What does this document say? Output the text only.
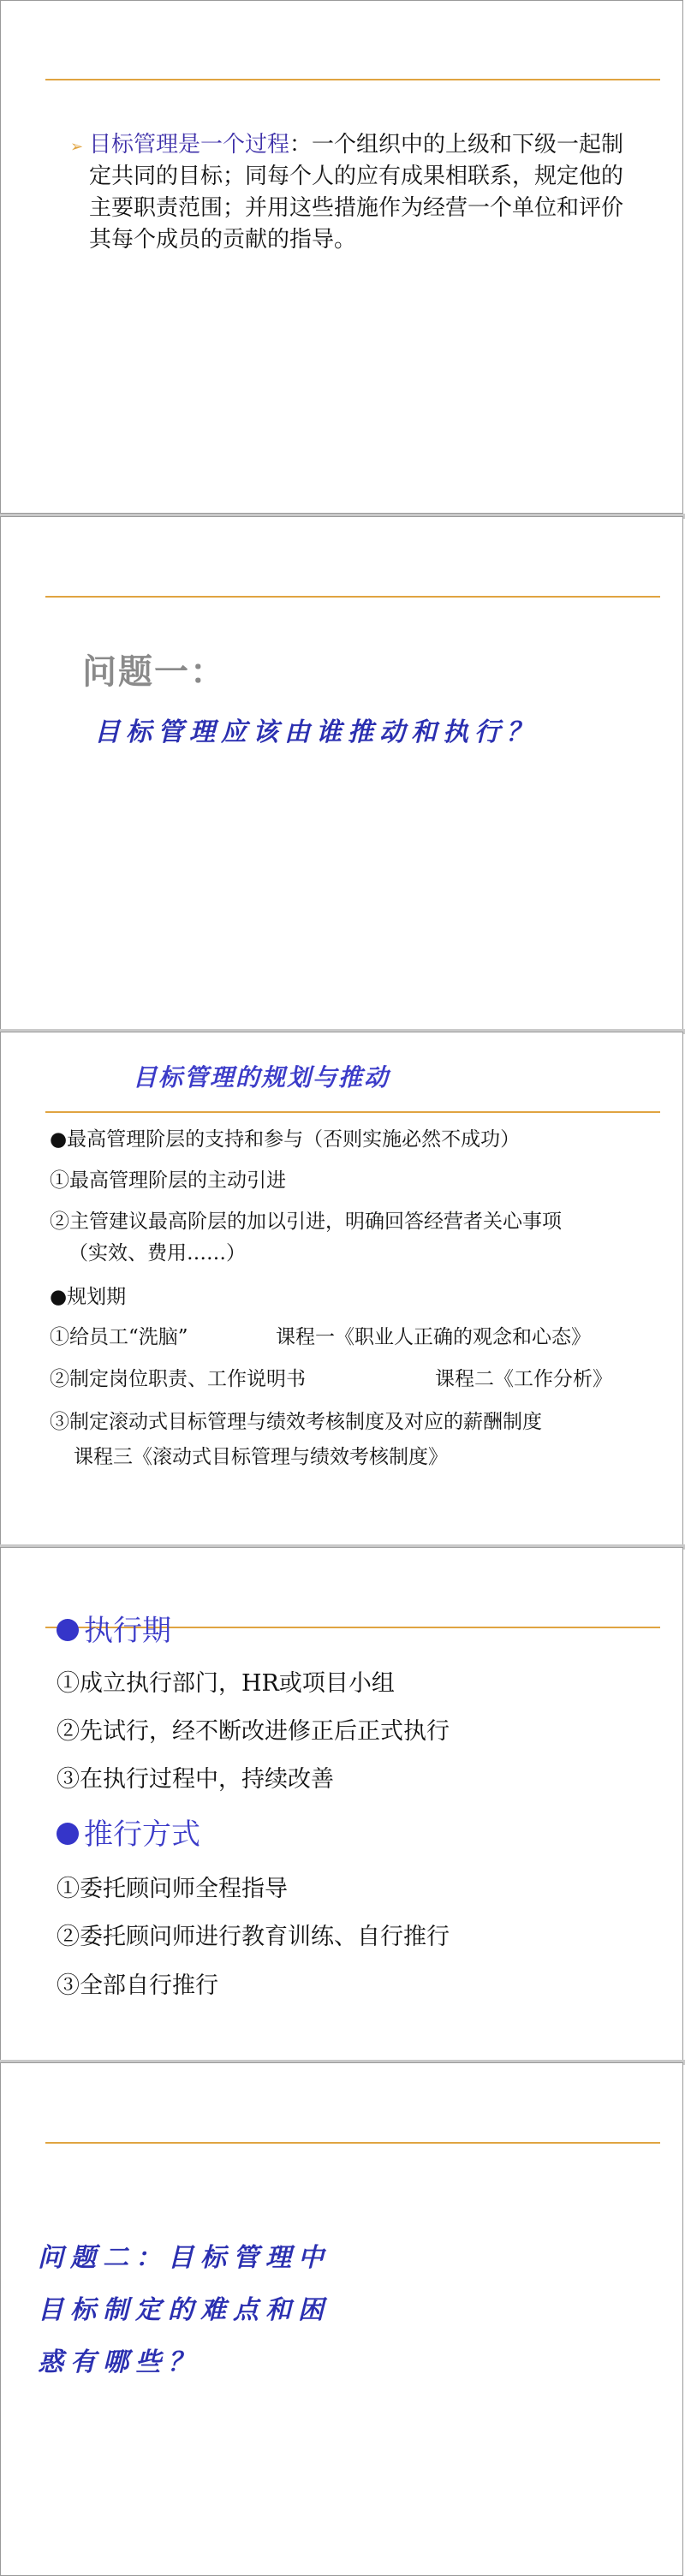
➢ 目标管理是一个过程：一个组织中的上级和下级一起制定共同的目标；同每个人的应有成果相联系，规定他的主要职责范围；并用这些措施作为经营一个单位和评价其每个成员的贡献的指导。
问题一：
目标管理应该由谁推动和执行？
目标管理的规划与推动
●最高管理阶层的支持和参与（否则实施必然不成功）
①最高管理阶层的主动引进
②主管建议最高阶层的加以引进，明确回答经营者关心事项
（实效、费用……）
●规划期
①给员工“洗脑”	课程一《职业人正确的观念和心态》
②制定岗位职责、工作说明书	课程二《工作分析》
③制定滚动式目标管理与绩效考核制度及对应的薪酬制度
课程三《滚动式目标管理与绩效考核制度》
执行期
①成立执行部门，HR或项目小组
②先试行，经不断改进修正后正式执行
③在执行过程中，持续改善
推行方式
①委托顾问师全程指导
②委托顾问师进行教育训练、自行推行
③全部自行推行
问题二：目标管理中
目标制定的难点和困
惑有哪些？
